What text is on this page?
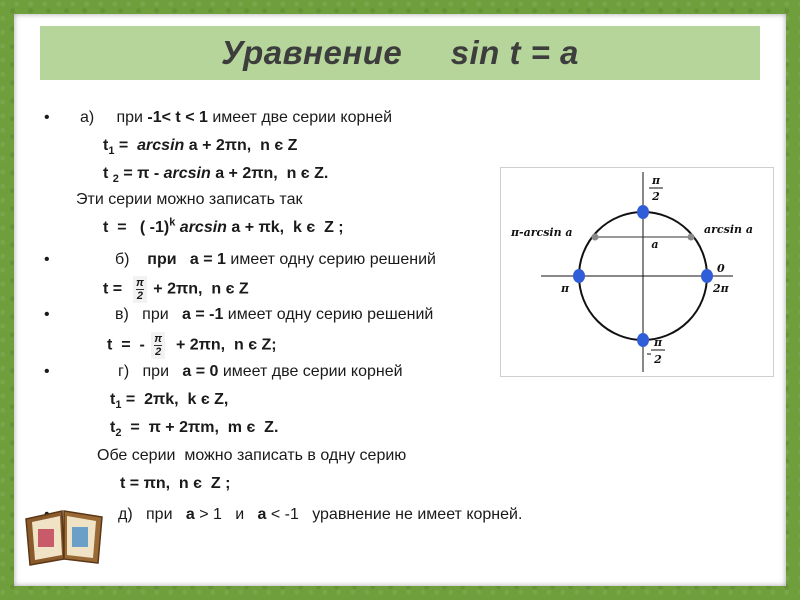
Уравнение sin t = a
•
•
•
•
а)     при -1< t < 1 имеет две серии корней
$t_1 = \arcsin a + 2\pi n$,  n є Z
t $_2$ = π - arcsin a + 2πn,  n є Z.
Эти серии можно записать так
t  =   ( -1)$^k$ arcsin a + πk,  k є  Z ;
б)    при а = 1 имеет одну серию решений
$t = \frac{\pi}{2} + 2\pi n$,  n є Z
в)   при   а = -1 имеет одну серию решений
t  =  - $\frac{\pi}{2} + 2\pi n$,  n є Z;
г)   при   а = 0 имеет две серии корней
$t_1 = 2\pi k$,  k є Z,
$t_2 = \pi + 2\pi m$,  m є  Z.
Обе серии  можно записать в одну серию
t = πn,  n є  Z ;
д)   при   а > 1   и   а < -1   уравнение не имеет корней.
π
2
a
π-arcsin a	arcsin a
0
2π
π
π
2
